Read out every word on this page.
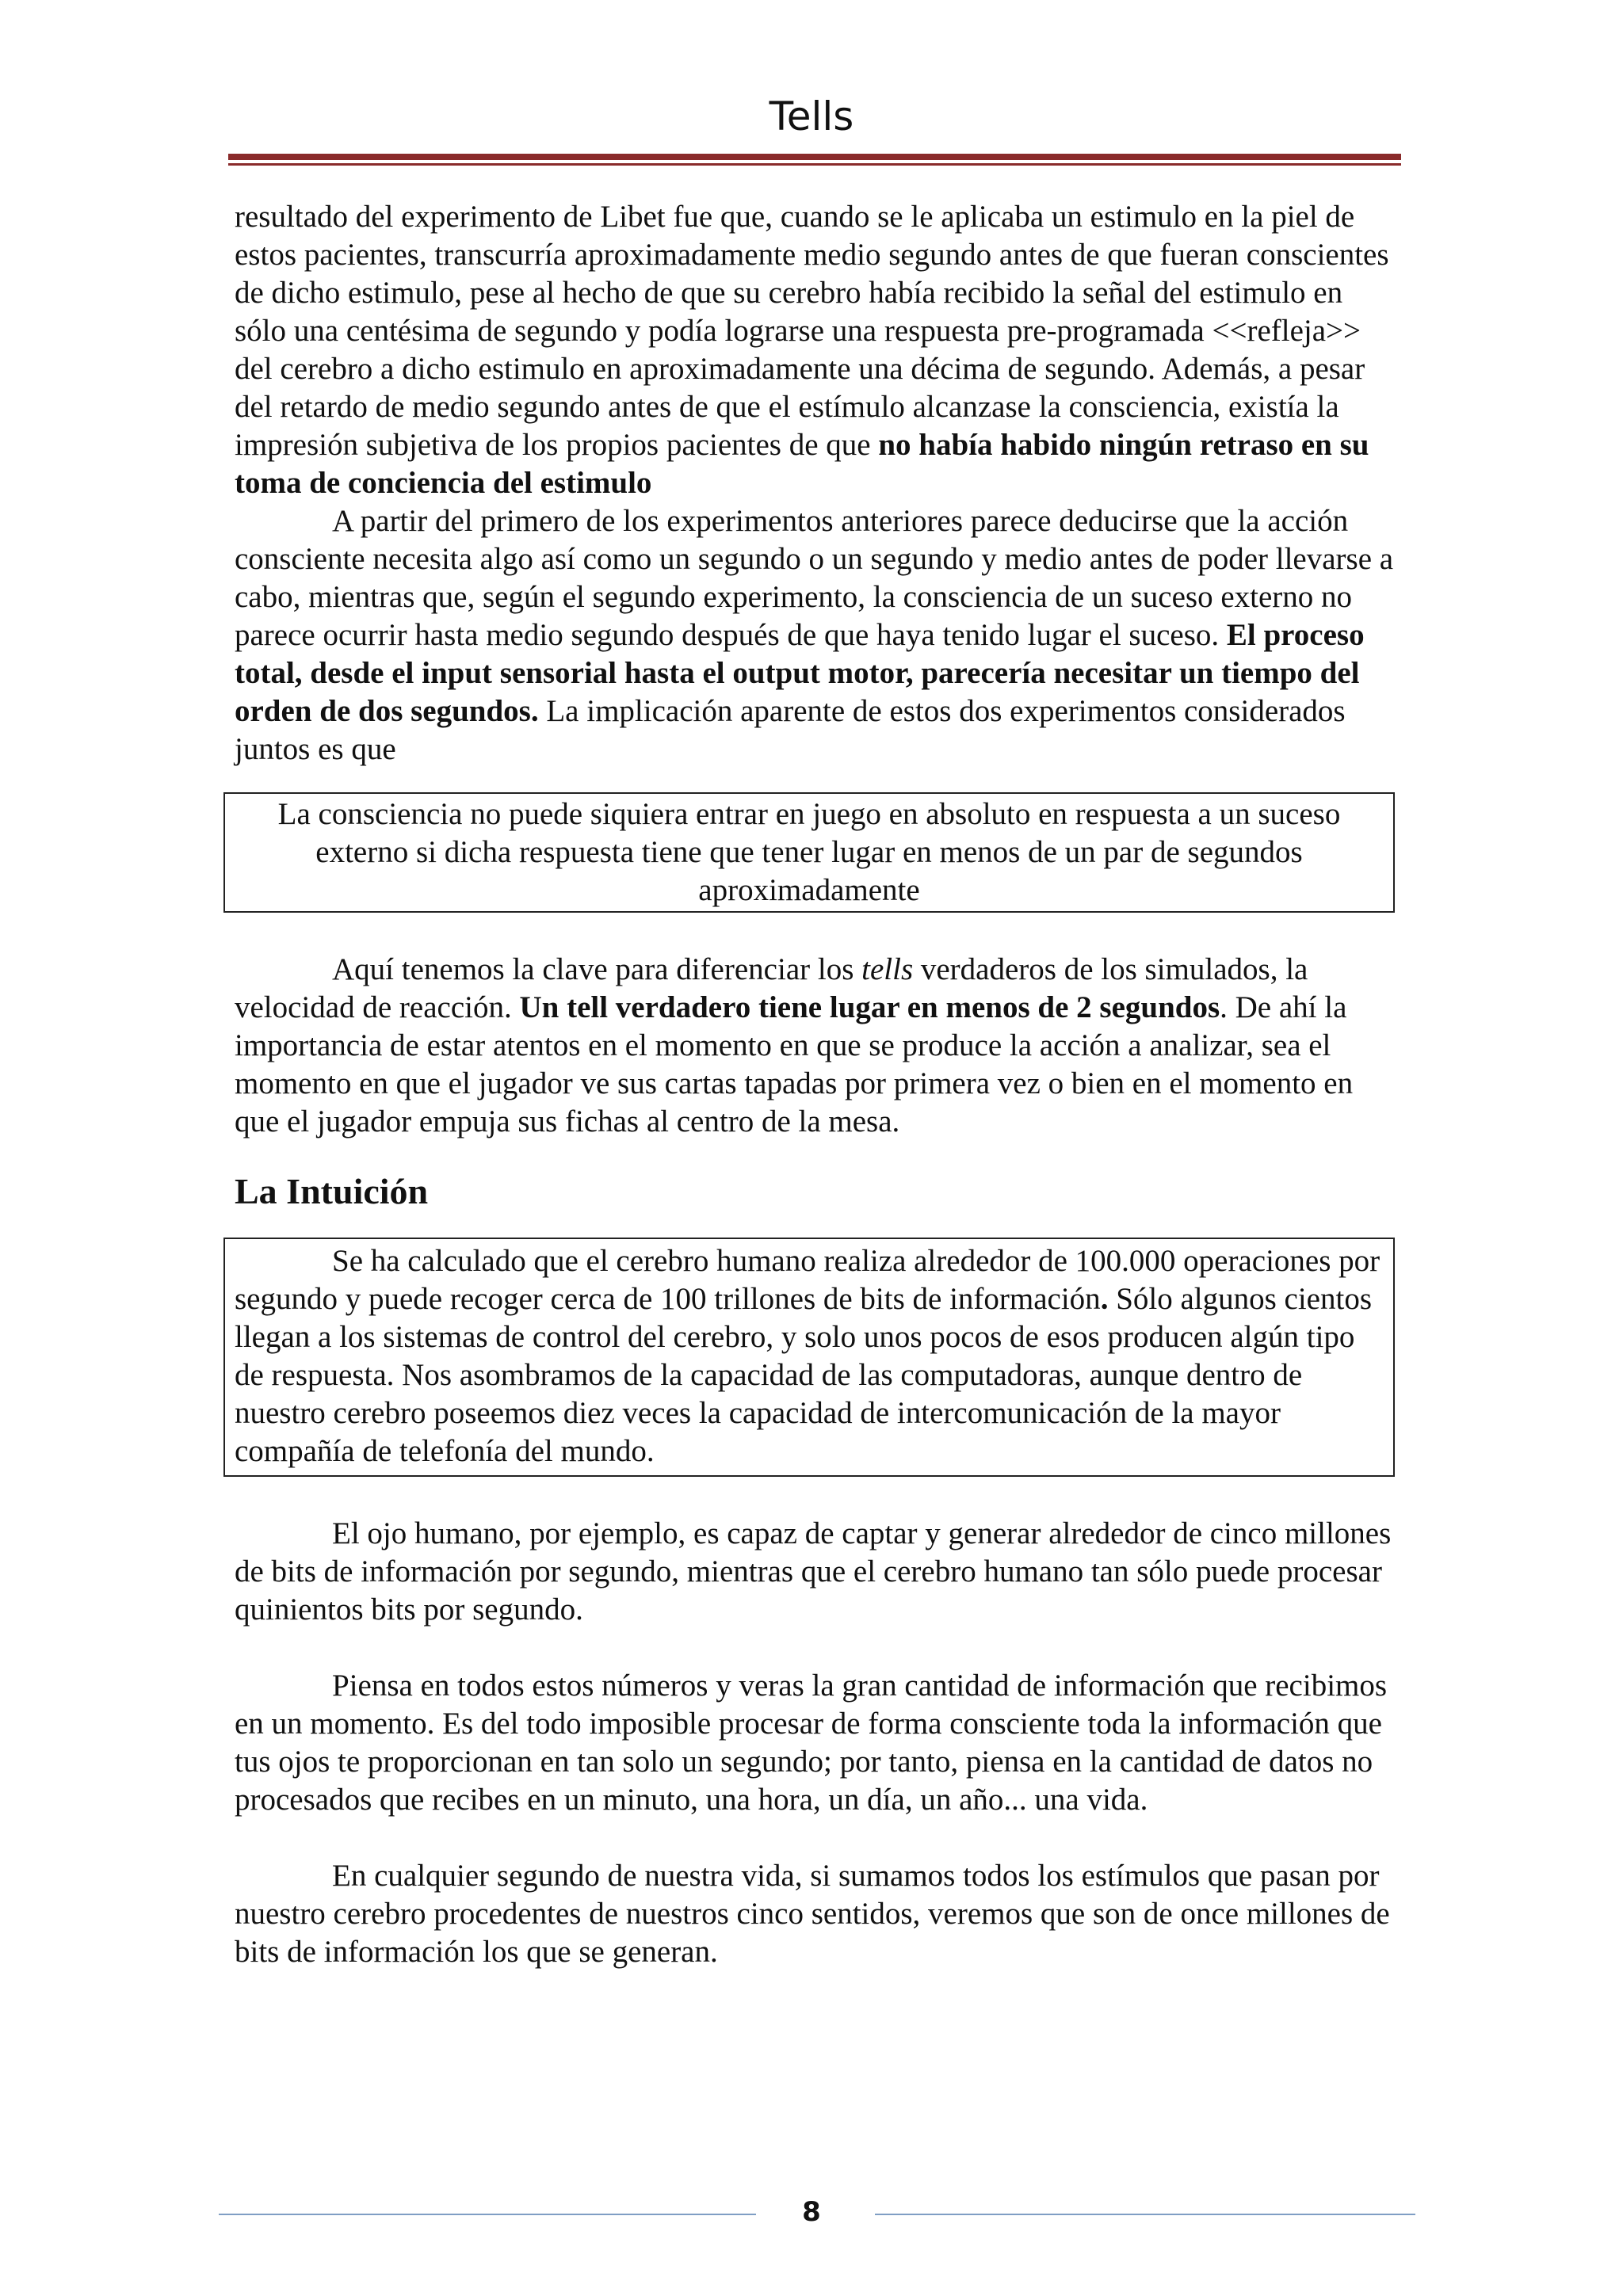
Tells

resultado del experimento de Libet fue que, cuando se le aplicaba un estimulo en la piel de estos pacientes, transcurría aproximadamente medio segundo antes de que fueran conscientes de dicho estimulo, pese al hecho de que su cerebro había recibido la señal del estimulo en sólo una centésima de segundo y podía lograrse una respuesta pre-programada <<refleja>> del cerebro a dicho estimulo en aproximadamente una décima de segundo. Además, a pesar del retardo de medio segundo antes de que el estímulo alcanzase la consciencia, existía la impresión subjetiva de los propios pacientes de que no había habido ningún retraso en su toma de conciencia del estimulo

A partir del primero de los experimentos anteriores parece deducirse que la acción consciente necesita algo así como un segundo o un segundo y medio antes de poder llevarse a cabo, mientras que, según el segundo experimento, la consciencia de un suceso externo no parece ocurrir hasta medio segundo después de que haya tenido lugar el suceso. El proceso total, desde el input sensorial hasta el output motor, parecería necesitar un tiempo del orden de dos segundos. La implicación aparente de estos dos experimentos considerados juntos es que

La consciencia no puede siquiera entrar en juego en absoluto en respuesta a un suceso externo si dicha respuesta tiene que tener lugar en menos de un par de segundos aproximadamente

Aquí tenemos la clave para diferenciar los tells verdaderos de los simulados, la velocidad de reacción. Un tell verdadero tiene lugar en menos de 2 segundos. De ahí la importancia de estar atentos en el momento en que se produce la acción a analizar, sea el momento en que el jugador ve sus cartas tapadas por primera vez o bien en el momento en que el jugador empuja sus fichas al centro de la mesa.

La Intuición

Se ha calculado que el cerebro humano realiza alrededor de 100.000 operaciones por segundo y puede recoger cerca de 100 trillones de bits de información. Sólo algunos cientos llegan a los sistemas de control del cerebro, y solo unos pocos de esos producen algún tipo de respuesta. Nos asombramos de la capacidad de las computadoras, aunque dentro de nuestro cerebro poseemos diez veces la capacidad de intercomunicación de la mayor compañía de telefonía del mundo.

El ojo humano, por ejemplo, es capaz de captar y generar alrededor de cinco millones de bits de información por segundo, mientras que el cerebro humano tan sólo puede procesar quinientos bits por segundo.

Piensa en todos estos números y veras la gran cantidad de información que recibimos en un momento. Es del todo imposible procesar de forma consciente toda la información que tus ojos te proporcionan en tan solo un segundo; por tanto, piensa en la cantidad de datos no procesados que recibes en un minuto, una hora, un día, un año... una vida.

En cualquier segundo de nuestra vida, si sumamos todos los estímulos que pasan por nuestro cerebro procedentes de nuestros cinco sentidos, veremos que son de once millones de bits de información los que se generan.

8
